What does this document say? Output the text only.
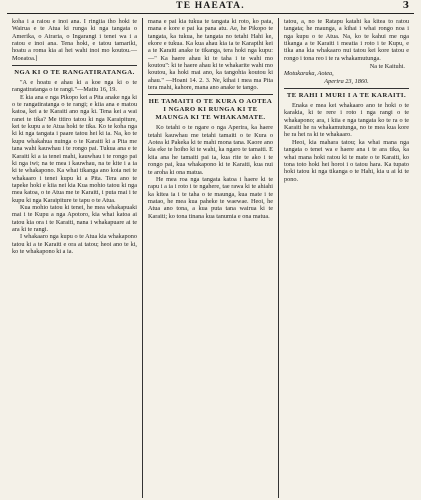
TE HAEATA.	3

koha i a raiou e inoi ana. I ringiia iho hoki te Wairua e te Atua ki runga ki nga tangata o Amerika, o Airaria, o Ingarangi i tenei wa i a ratou e inoi ana. Tena hoki, e tatou tamariki, hoatu a roma kia ai hei wahi inoi mo koutou.—Moeatoa.]

NGA KI O TE RANGATIRATANGA.

"A e hoatu e ahau ki a koe nga ki o te rangatiratanga o te rangi."—Matiu 16, 19.

E kia ana e nga Pikopo kei a Pita anake nga ki o te rangatiratanga o te rangi; e kiia ana e matou katoa, kei a te Karaiti ano nga ki. Tena kei a wai ranei te tika? Me titiro tatou ki nga Karaipiture, kei te kupu a te Atua hoki te tika. Ko te koha nga ki ki nga tangata i paare tatou hei ki ia. Na, ko te kupu whakahua nuinga o te Karaiti ki a Pita me tana wahi kauwhau i te rongo pai. Tukua ana e te Karaiti ki a ia tenei mahi, kauwhau i te rongo pai ki nga iwi; na te mea i kauwhau, na te kite i a ia ki te whakapono. Ka whai tikanga ano koia nei te whakaaro i tenei kupu ki a Pita. Tera ano te tapeke hoki e kiia nei kia Kua mohio tatou ki nga mea katoa, o te Atua me te Karaiti, i puta mai i te kupu ki nga Karaipiture te tapu o te Atua.

Kua mohio tatou ki tenei, he mea whakapuaki mai i te Kupu a nga Apotoro, kia whai katoa ai tatou kia ora i te Karaiti, nana i whakapuare ai te ara ki te rangi.

I whakaaro nga kupu o te Atua kia whakapono tatou ki a te Karaiti e ora ai tatou; heoi ano te ki, ko te whakapono ki a ia.

mana e pai kia tukua te tangata ki roto, ko pata, mana e kore e pai ka pana atu. Ae, he Pikopo te tangata, ka tukua, he tangata no tetahi Hahi ke, ekore e tukua. Ka kua ahau kia ia te Karapihi kei a te Karaiti anake te tikanga, tera hoki nga kupu: —" Ka haere ahau ki te taha i te wahi mo koutou": ki te haere ahau ki te whakarite wahi mo koutou, ka hoki mai ano, ka tangohia koutou ki ahau." —Hoani 14. 2. 3. Ne, kihai i mea ma Pita tera mahi, kahore, mana ano anake te tango.

HE TAMAITI O TE KURA O AOTEA I NGARO KI RUNGA KI TE MAUNGA KI TE WHAKAMATE.

Ko tetahi o te ngare o nga Aperira, ka haere tetahi kauwhau me tetahi tamaiti o te Kura o Aotea ki Pakeka ki te mahi mona tana. Kaore ano kia eke te hoiho ki te wahi, ka ngaro te tamaiti. E kiia ana he tamaiti pai ia, kua rite te ako i te rongo pai, kua whakapono ki te Karaiti, kua nui te aroha ki ona matua.

He mea roa nga tangata katoa i haere ki te rapu i a ia i roto i te ngahere, tae rawa ki te ahiahi ka kitea ia i te taha o te maunga, kua mate i te matao, he mea kua paheke te waewae. Heoi, he Atua ano tona, a kua puta tana wairua ki te Karaiti; ko tona tinana kua tanumia e ona matua.

tatou, a, no te Ratapu katahi ka kitea to ratou tangata; he maunga, a kihai i whai rongo noa i nga kupu o te Atua. Na, ko te kahui me nga tikanga a te Karaiti i meatia i roto i te Kupu, e tika ana kia whakaaro nui tatou kei kore tatou e rongo i tona reo i te ra whakamutunga.

Na te Kaituhi.
Motukaraka, Aotea,
Aperira 23, 1860.
TE RAHI I MURI I A TE KARAITI.

Enaka e mea kei whakaaro ano te hoki o te karakia, ki te rere i roto i nga rangi o te whakapono; ara, i kiia e nga tangata ko te ra o te Karaiti he ra whakamutunga, no te mea kua kore he ra hei ra ki te whakaaro.

Heoi, kia mahara tatou; ka whai mana nga tangata o tenei wa e haere ana i te ara tika, ka whai mana hoki ratou ki te mate o te Karaiti, ko tona toto hoki hei horoi i o tatou hara. Ka tupato hoki tatou ki nga tikanga o te Hahi, kia u ai ki te pono.
